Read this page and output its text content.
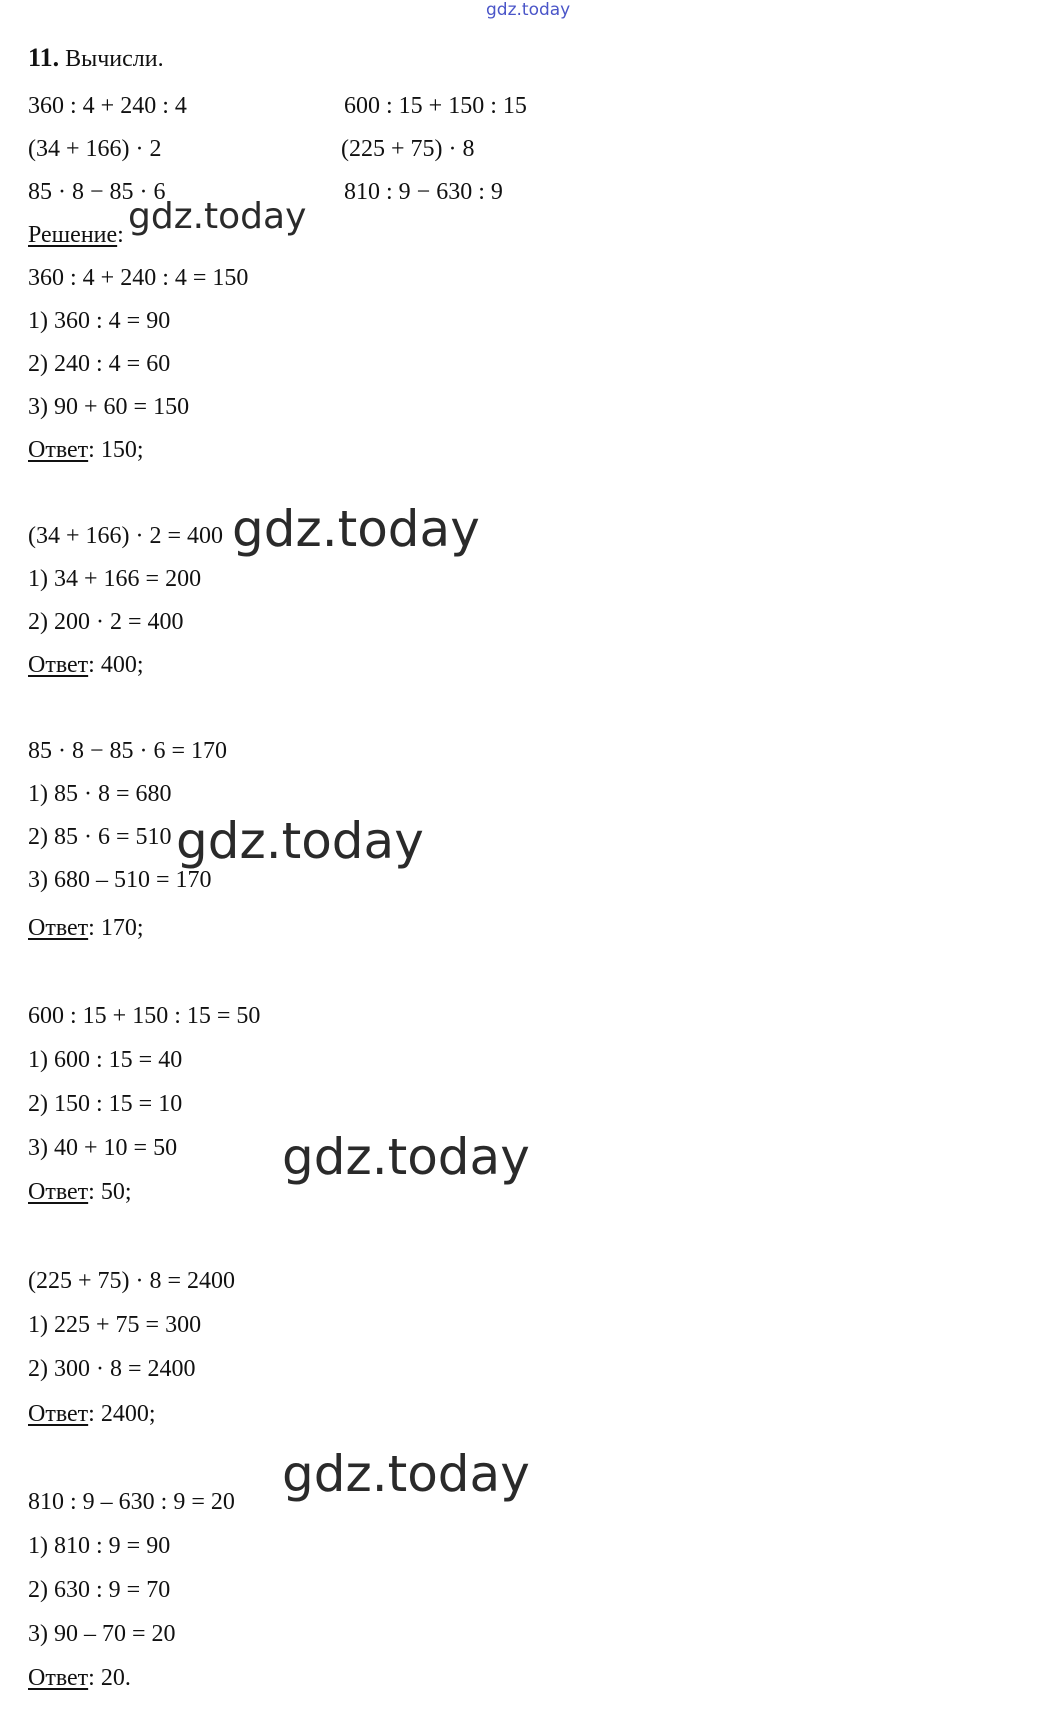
gdz.today
11. Вычисли.
360 : 4 + 240 : 4
(34 + 166) · 2
85 · 8 − 85 · 6
600 : 15 + 150 : 15
(225 + 75) · 8
810 : 9 − 630 : 9
Решение: gdz.today
360 : 4 + 240 : 4 = 150
1) 360 : 4 = 90
2) 240 : 4 = 60
3) 90 + 60 = 150
Ответ: 150;
(34 + 166) · 2 = 400 gdz.today
1) 34 + 166 = 200
2) 200 · 2 = 400
Ответ: 400;
85 · 8 − 85 · 6 = 170
1) 85 · 8 = 680
2) 85 · 6 = 510 gdz.today
3) 680 – 510 = 170
Ответ: 170;
600 : 15 + 150 : 15 = 50
1) 600 : 15 = 40
2) 150 : 15 = 10
3) 40 + 10 = 50 gdz.today
Ответ: 50;
(225 + 75) · 8 = 2400
1) 225 + 75 = 300
2) 300 · 8 = 2400
Ответ: 2400;
gdz.today
810 : 9 – 630 : 9 = 20
1) 810 : 9 = 90
2) 630 : 9 = 70
3) 90 – 70 = 20
Ответ: 20.
